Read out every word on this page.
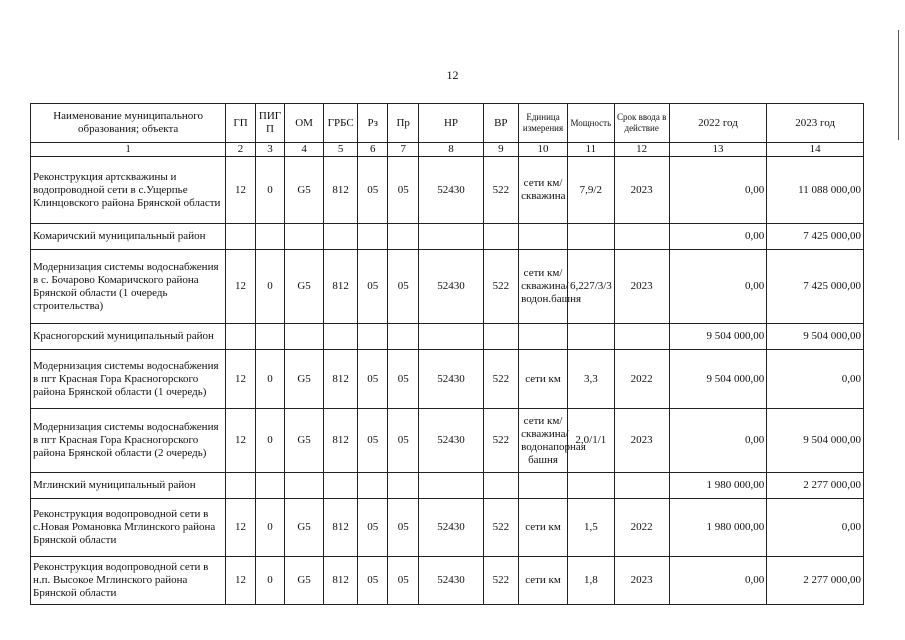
12
Наименование муниципального образования; объекта	ГП	ПИГП	ОМ	ГРБС	Рз	Пр	НР	ВР	Единица измерения	Мощность	Срок ввода в действие	2022 год	2023 год
1	2	3	4	5	6	7	8	9	10	11	12	13	14
Реконструкция артскважины и водопроводной сети в с.Ущерпье Клинцовского района Брянской области	12	0	G5	812	05	05	52430	522	сети км/скважина	7,9/2	2023	0,00	11 088 000,00
Комаричский муниципальный район												0,00	7 425 000,00
Модернизация системы водоснабжения в с. Бочарово Комаричского района Брянской области (1 очередь строительства)	12	0	G5	812	05	05	52430	522	сети км/скважина/водон.башня	6,227/3/3	2023	0,00	7 425 000,00
Красногорский муниципальный район												9 504 000,00	9 504 000,00
Модернизация системы водоснабжения в пгт Красная Гора Красногорского района Брянской области (1 очередь)	12	0	G5	812	05	05	52430	522	сети км	3,3	2022	9 504 000,00	0,00
Модернизация системы водоснабжения в пгт Красная Гора Красногорского района Брянской области (2 очередь)	12	0	G5	812	05	05	52430	522	сети км/скважина/водонапорная башня	2,0/1/1	2023	0,00	9 504 000,00
Мглинский муниципальный район												1 980 000,00	2 277 000,00
Реконструкция водопроводной сети в с.Новая Романовка Мглинского района Брянской области	12	0	G5	812	05	05	52430	522	сети км	1,5	2022	1 980 000,00	0,00
Реконструкция водопроводной сети в н.п. Высокое Мглинского района Брянской области	12	0	G5	812	05	05	52430	522	сети км	1,8	2023	0,00	2 277 000,00
